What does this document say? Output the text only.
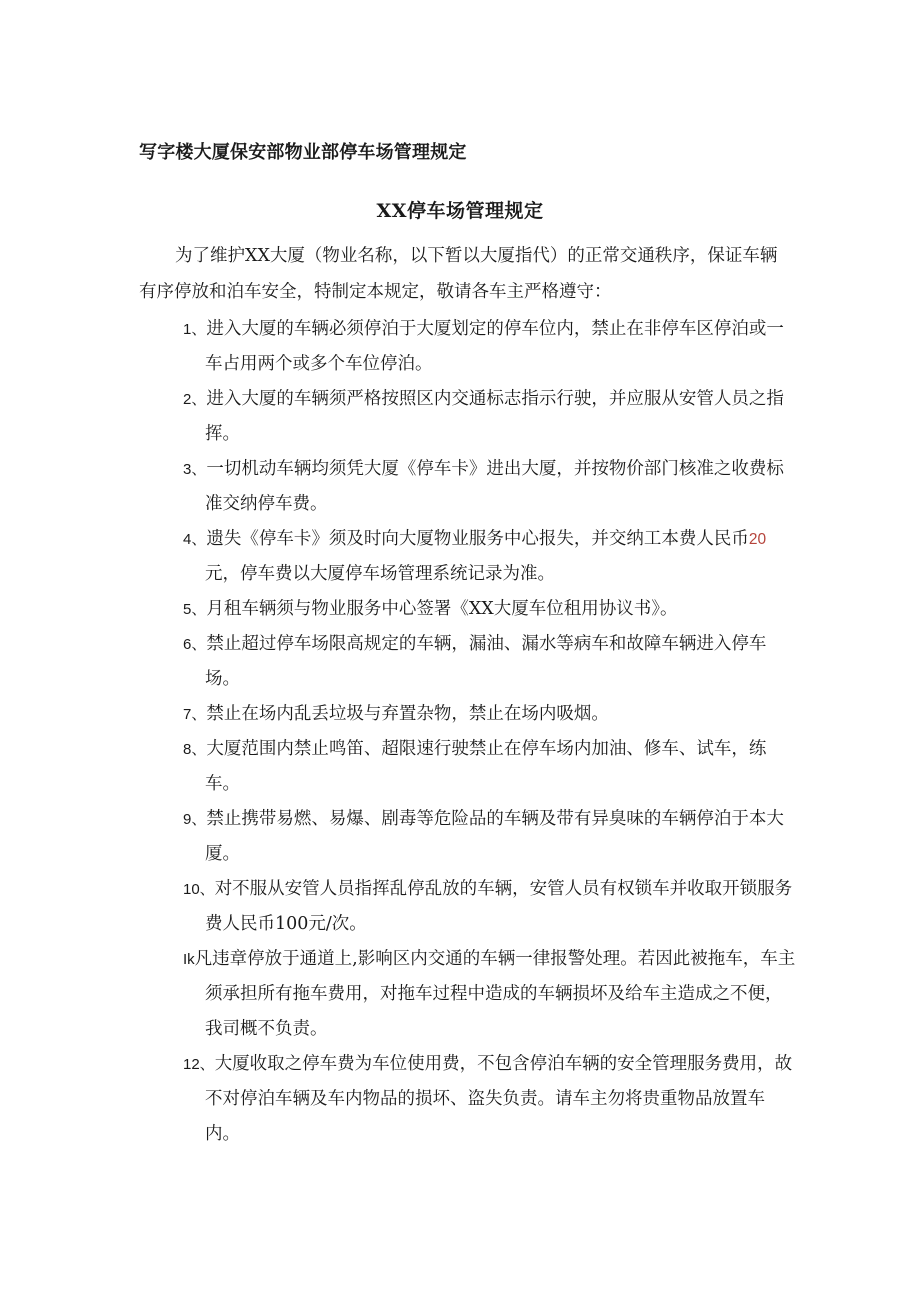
写字楼大厦保安部物业部停车场管理规定
XX停车场管理规定
为了维护XX大厦（物业名称，以下暂以大厦指代）的正常交通秩序，保证车辆有序停放和泊车安全，特制定本规定，敬请各车主严格遵守：
1、进入大厦的车辆必须停泊于大厦划定的停车位内，禁止在非停车区停泊或一车占用两个或多个车位停泊。
2、进入大厦的车辆须严格按照区内交通标志指示行驶，并应服从安管人员之指挥。
3、一切机动车辆均须凭大厦《停车卡》进出大厦，并按物价部门核准之收费标准交纳停车费。
4、遗失《停车卡》须及时向大厦物业服务中心报失，并交纳工本费人民币20元，停车费以大厦停车场管理系统记录为准。
5、月租车辆须与物业服务中心签署《XX大厦车位租用协议书》。
6、禁止超过停车场限高规定的车辆，漏油、漏水等病车和故障车辆进入停车场。
7、禁止在场内乱丢垃圾与弃置杂物，禁止在场内吸烟。
8、大厦范围内禁止鸣笛、超限速行驶禁止在停车场内加油、修车、试车，练车。
9、禁止携带易燃、易爆、剧毒等危险品的车辆及带有异臭味的车辆停泊于本大厦。
10、对不服从安管人员指挥乱停乱放的车辆，安管人员有权锁车并收取开锁服务费人民币100元/次。
Ik凡违章停放于通道上,影响区内交通的车辆一律报警处理。若因此被拖车，车主须承担所有拖车费用，对拖车过程中造成的车辆损坏及给车主造成之不便，我司概不负责。
12、大厦收取之停车费为车位使用费，不包含停泊车辆的安全管理服务费用，故不对停泊车辆及车内物品的损坏、盗失负责。请车主勿将贵重物品放置车内。
